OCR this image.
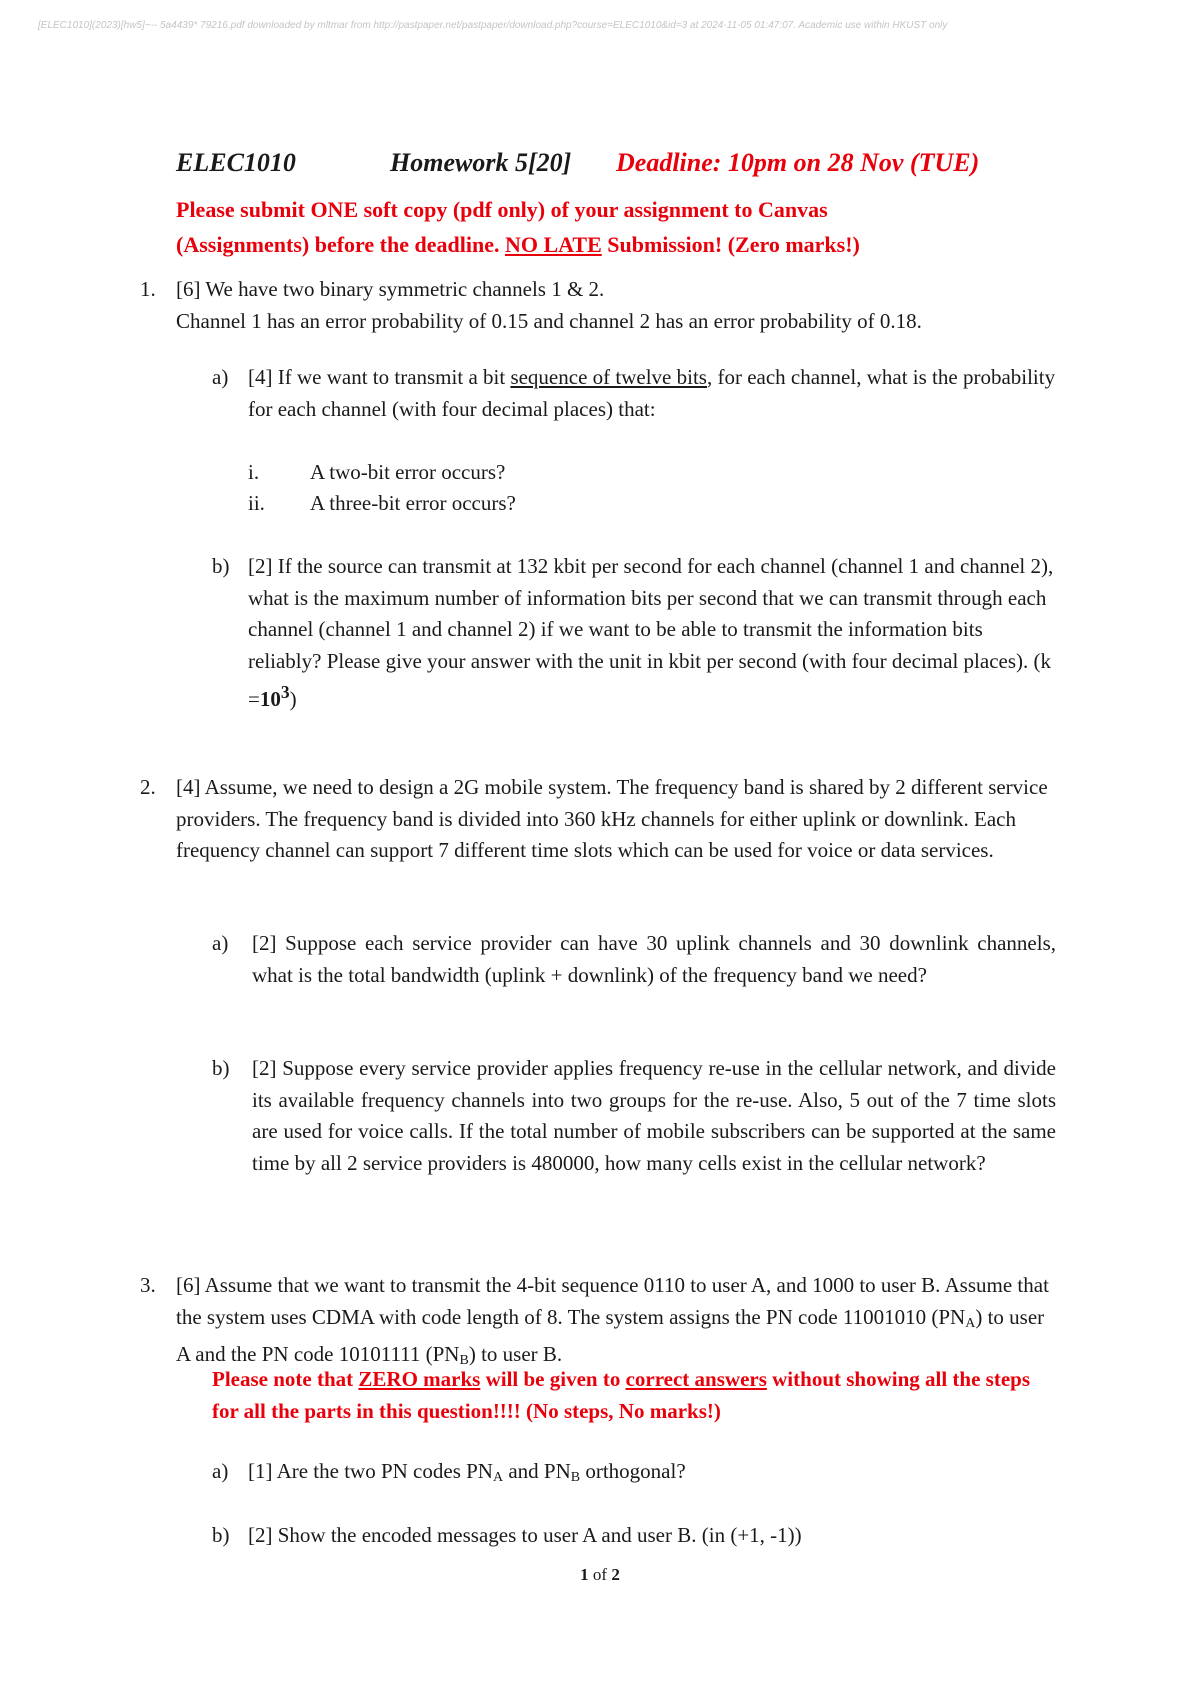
[ELEC1010](2023)[hw5]~-- 5a4439* 79216.pdf downloaded by mltmar from http://pastpaper.net/pastpaper/download.php?course=ELEC1010&id=3 at 2024-11-05 01:47:07. Academic use within HKUST only
ELEC1010	Homework 5[20] Deadline: 10pm on 28 Nov (TUE)
Please submit ONE soft copy (pdf only) of your assignment to Canvas
(Assignments) before the deadline. NO LATE Submission! (Zero marks!)
1. [6] We have two binary symmetric channels 1 & 2.
Channel 1 has an error probability of 0.15 and channel 2 has an error probability of 0.18.
a) [4] If we want to transmit a bit sequence of twelve bits, for each channel, what is the probability for each channel (with four decimal places) that:
i. A two-bit error occurs?
ii. A three-bit error occurs?
b) [2] If the source can transmit at 132 kbit per second for each channel (channel 1 and channel 2), what is the maximum number of information bits per second that we can transmit through each channel (channel 1 and channel 2) if we want to be able to transmit the information bits reliably? Please give your answer with the unit in kbit per second (with four decimal places). $(k =10^3)$
2. [4] Assume, we need to design a 2G mobile system. The frequency band is shared by 2 different service providers. The frequency band is divided into 360 kHz channels for either uplink or downlink. Each frequency channel can support 7 different time slots which can be used for voice or data services.
a) [2] Suppose each service provider can have 30 uplink channels and 30 downlink channels, what is the total bandwidth (uplink + downlink) of the frequency band we need?
b) [2] Suppose every service provider applies frequency re-use in the cellular network, and divide its available frequency channels into two groups for the re-use. Also, 5 out of the 7 time slots are used for voice calls. If the total number of mobile subscribers can be supported at the same time by all 2 service providers is 480000, how many cells exist in the cellular network?
3. [6] Assume that we want to transmit the 4-bit sequence 0110 to user A, and 1000 to user B. Assume that the system uses CDMA with code length of 8. The system assigns the PN code 11001010 $(PN_A)$ to user A and the PN code 10101111 $(PN_B)$ to user B.
Please note that ZERO marks will be given to correct answers without showing all the steps for all the parts in this question!!!! (No steps, No marks!)
a) [1] Are the two PN codes $PN_A$ and $PN_B$ orthogonal?
b) [2] Show the encoded messages to user A and user B. (in (+1, -1))
1 of 2
